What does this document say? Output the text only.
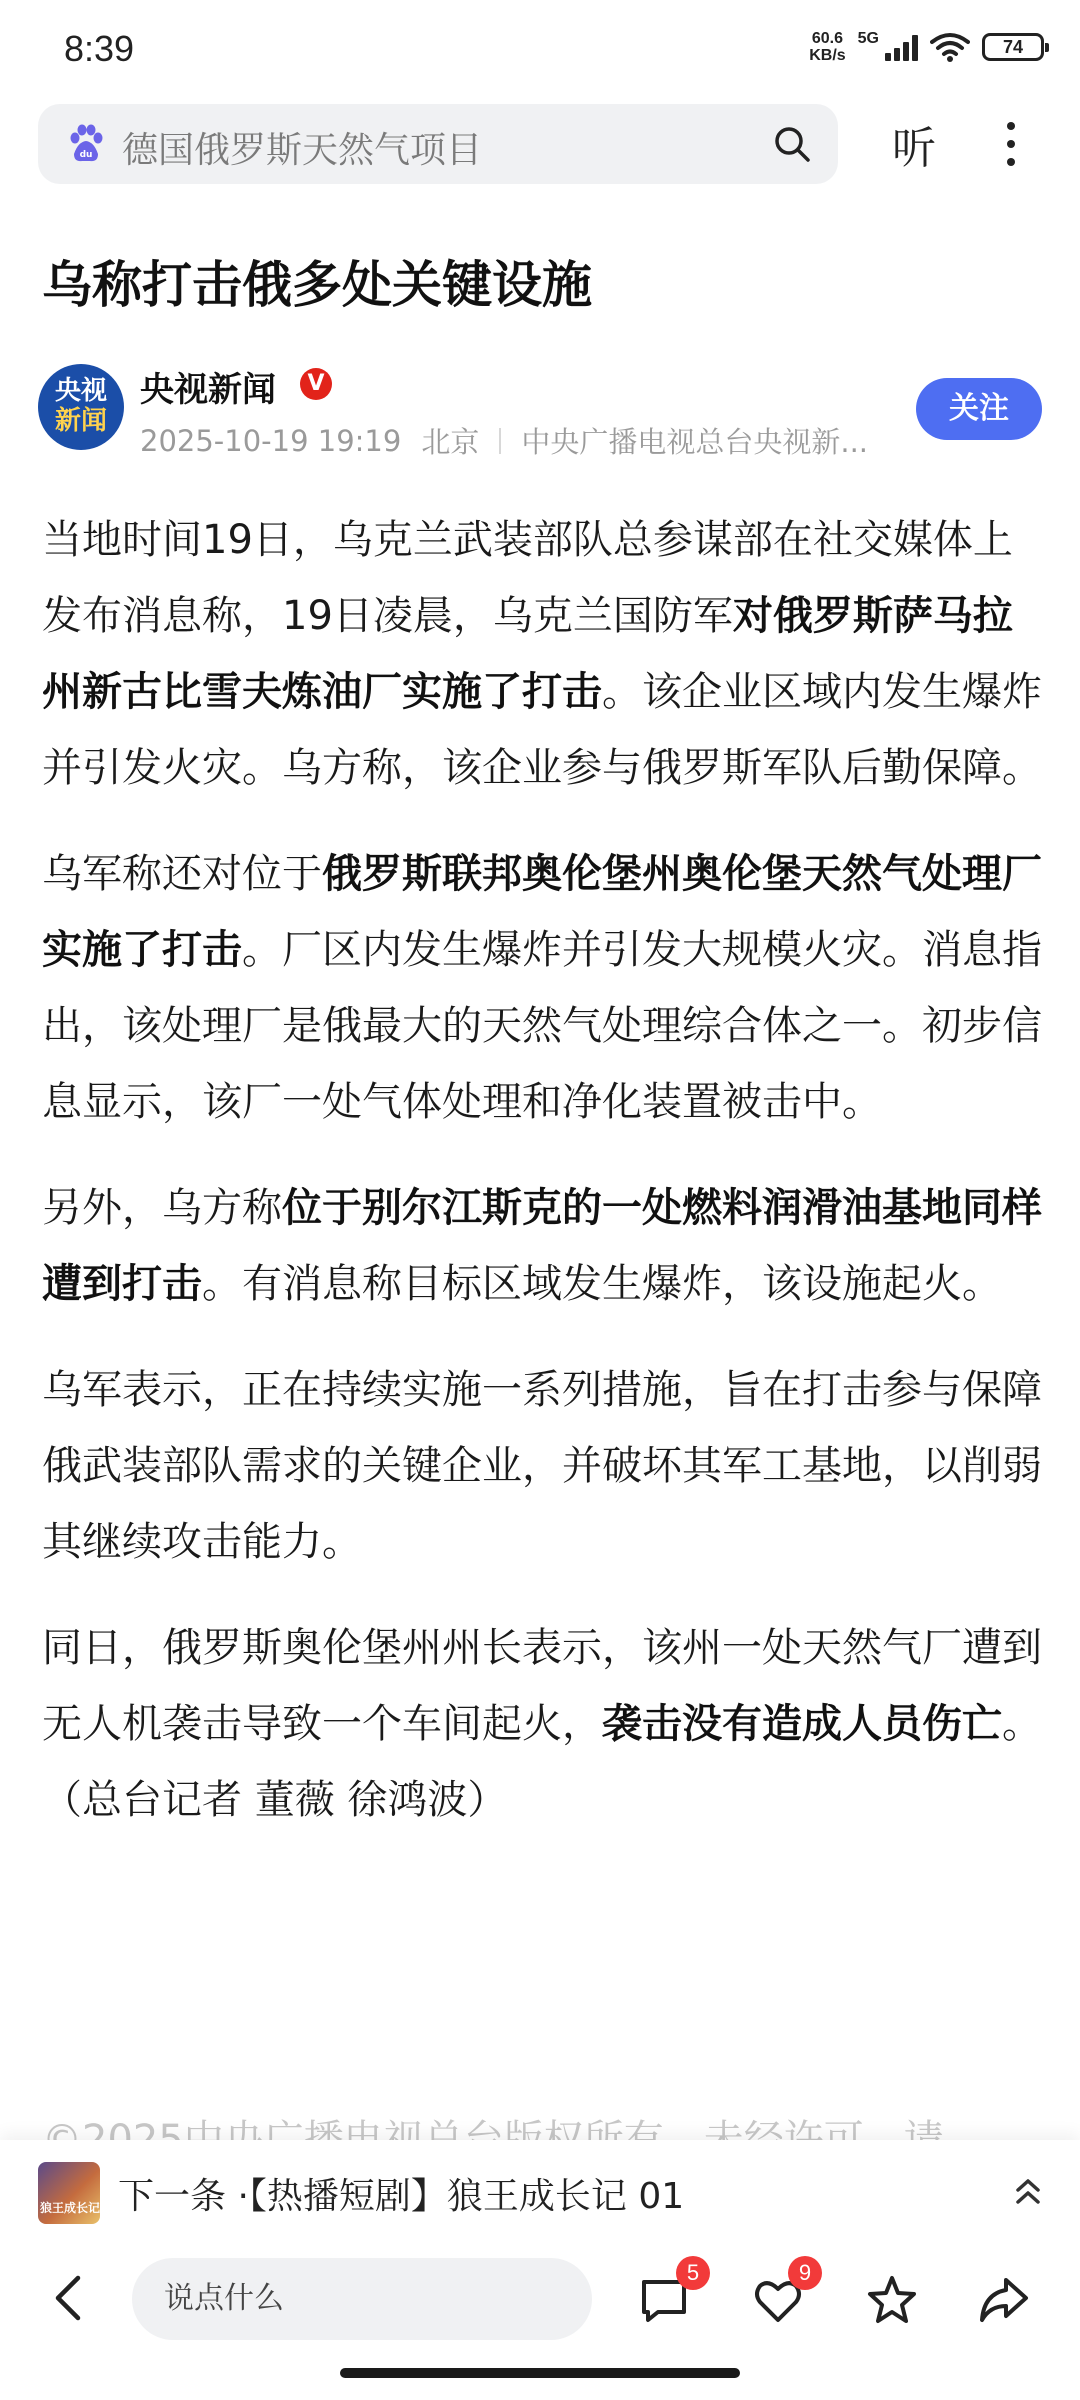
8:39	60.6
KB/s
5G	74
du 德国俄罗斯天然气项目	听
乌称打击俄多处关键设施
央视
新闻
央视新闻	V
2025-10-19 19:19 北京 中央广播电视总台央视新...
关注

当地时间19日，乌克兰武装部队总参谋部在社交媒体上发布消息称，19日凌晨，乌克兰国防军对俄罗斯萨马拉州新古比雪夫炼油厂实施了打击。该企业区域内发生爆炸并引发火灾。乌方称，该企业参与俄罗斯军队后勤保障。

乌军称还对位于俄罗斯联邦奥伦堡州奥伦堡天然气处理厂实施了打击。厂区内发生爆炸并引发大规模火灾。消息指出，该处理厂是俄最大的天然气处理综合体之一。初步信息显示，该厂一处气体处理和净化装置被击中。

另外，乌方称位于别尔江斯克的一处燃料润滑油基地同样遭到打击。有消息称目标区域发生爆炸，该设施起火。

乌军表示，正在持续实施一系列措施，旨在打击参与保障俄武装部队需求的关键企业，并破坏其军工基地，以削弱其继续攻击能力。

同日，俄罗斯奥伦堡州州长表示，该州一处天然气厂遭到无人机袭击导致一个车间起火，袭击没有造成人员伤亡。（总台记者 董薇 徐鸿波）

狼王成长记 下一条 ·【热播短剧】狼王成长记 01
说点什么
5	9
